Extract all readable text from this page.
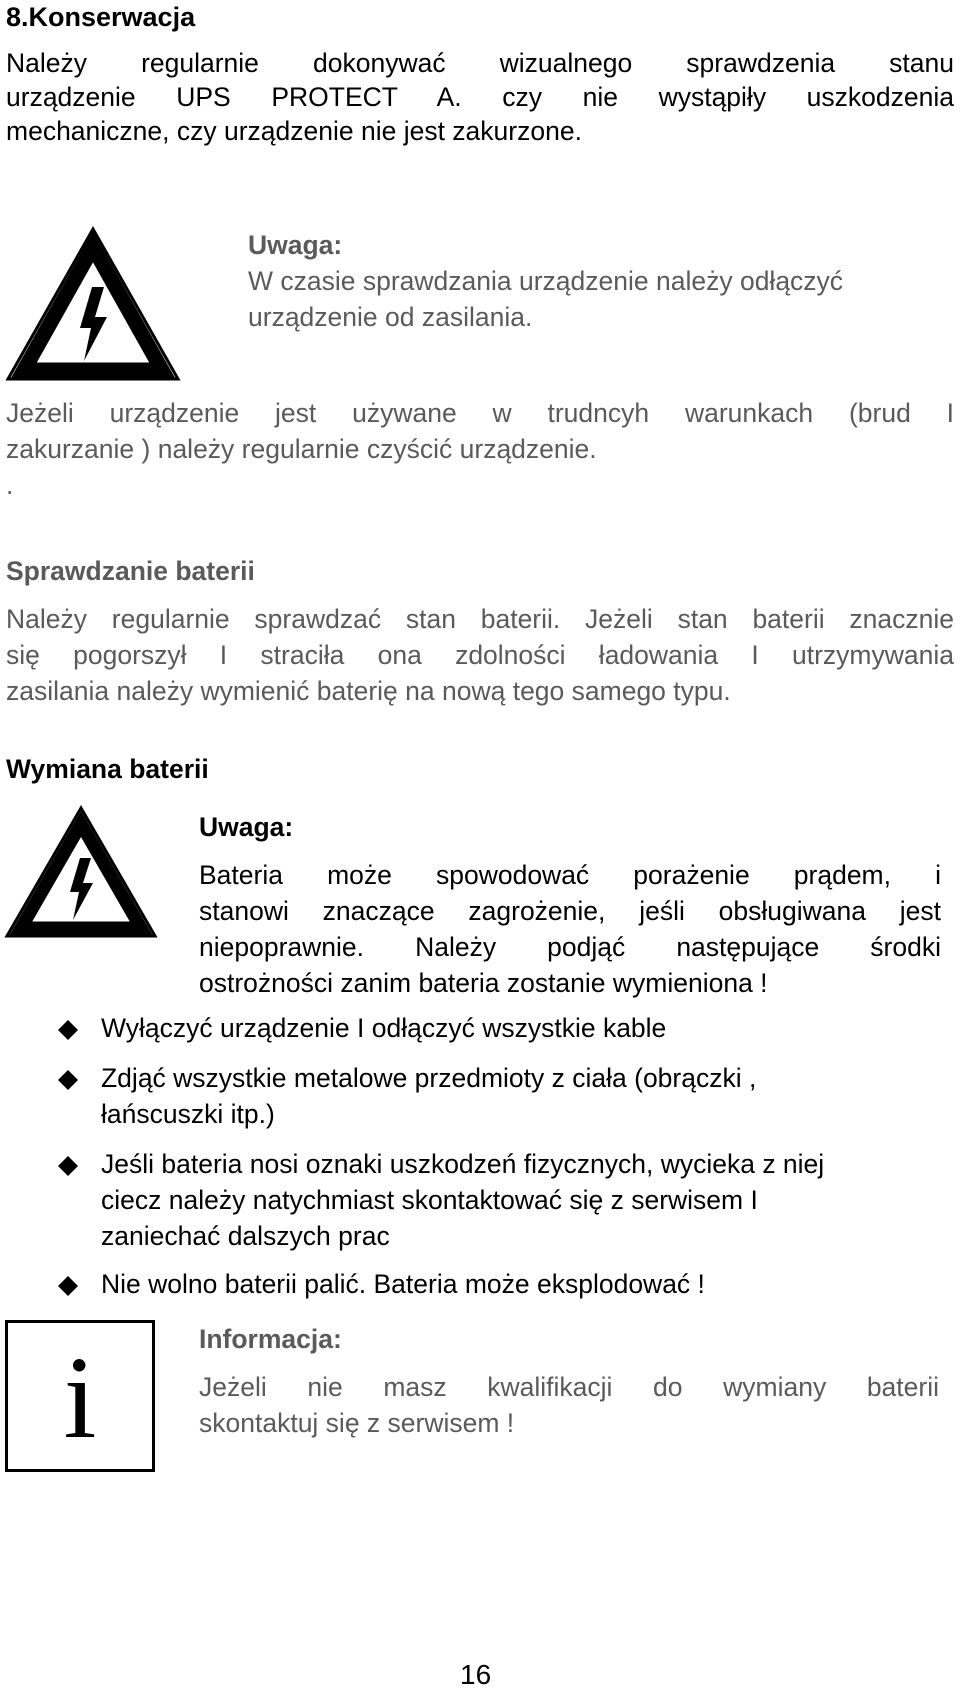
8.Konserwacja
Należy regularnie dokonywać wizualnego sprawdzenia stanu
urządzenie UPS PROTECT A. czy nie wystąpiły uszkodzenia
mechaniczne, czy urządzenie nie jest zakurzone.
Uwaga:
W czasie sprawdzania urządzenie należy odłączyć
urządzenie od zasilania.
Jeżeli urządzenie jest używane w trudncyh warunkach (brud I
zakurzanie ) należy regularnie czyścić urządzenie.
.
Sprawdzanie baterii
Należy regularnie sprawdzać stan baterii. Jeżeli stan baterii znacznie
się pogorszył I straciła ona zdolności ładowania I utrzymywania
zasilania należy wymienić baterię na nową tego samego typu.
Wymiana baterii
Uwaga:
Bateria może spowodować porażenie prądem, i
stanowi znaczące zagrożenie, jeśli obsługiwana jest
niepoprawnie. Należy podjąć następujące środki
ostrożności zanim bateria zostanie wymieniona !
Wyłączyć urządzenie I odłączyć wszystkie kable
Zdjąć wszystkie metalowe przedmioty z ciała (obrączki ,
łańscuszki itp.)
Jeśli bateria nosi oznaki uszkodzeń fizycznych, wycieka z niej
ciecz należy natychmiast skontaktować się z serwisem I
zaniechać dalszych prac
Nie wolno baterii palić. Bateria może eksplodować !
i	Informacja:
Jeżeli nie masz kwalifikacji do wymiany baterii
skontaktuj się z serwisem !
16
